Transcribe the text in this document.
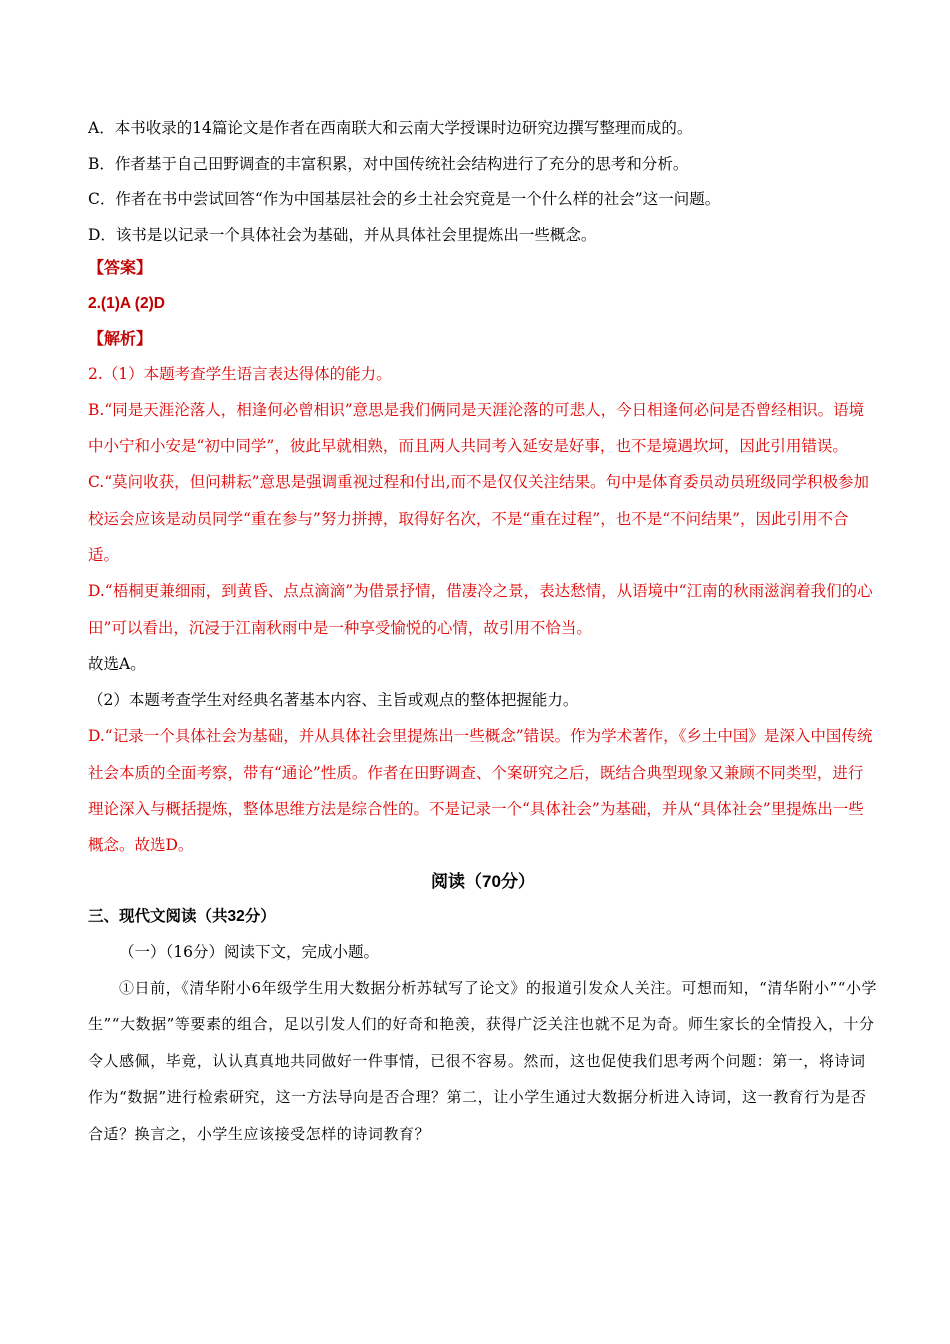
A．本书收录的14篇论文是作者在西南联大和云南大学授课时边研究边撰写整理而成的。
B．作者基于自己田野调查的丰富积累，对中国传统社会结构进行了充分的思考和分析。
C．作者在书中尝试回答“作为中国基层社会的乡土社会究竟是一个什么样的社会”这一问题。
D．该书是以记录一个具体社会为基础，并从具体社会里提炼出一些概念。
【答案】
2.(1)A (2)D
【解析】
2.（1）本题考查学生语言表达得体的能力。
B.“同是天涯沦落人，相逢何必曾相识”意思是我们俩同是天涯沦落的可悲人，今日相逢何必问是否曾经相识。语境中小宁和小安是“初中同学”，彼此早就相熟，而且两人共同考入延安是好事，也不是境遇坎坷，因此引用错误。
C.“莫问收获，但问耕耘”意思是强调重视过程和付出,而不是仅仅关注结果。句中是体育委员动员班级同学积极参加校运会应该是动员同学“重在参与”努力拼搏，取得好名次，不是“重在过程”，也不是“不问结果”，因此引用不合适。
D.“梧桐更兼细雨，到黄昏、点点滴滴”为借景抒情，借凄冷之景，表达愁情，从语境中“江南的秋雨滋润着我们的心田”可以看出，沉浸于江南秋雨中是一种享受愉悦的心情，故引用不恰当。
故选A。
（2）本题考查学生对经典名著基本内容、主旨或观点的整体把握能力。
D.“记录一个具体社会为基础，并从具体社会里提炼出一些概念”错误。作为学术著作，《乡土中国》是深入中国传统社会本质的全面考察，带有“通论”性质。作者在田野调查、个案研究之后，既结合典型现象又兼顾不同类型，进行理论深入与概括提炼，整体思维方法是综合性的。不是记录一个“具体社会”为基础，并从“具体社会”里提炼出一些概念。故选D。
阅读（70分）
三、现代文阅读（共32分）
（一）（16分）阅读下文，完成小题。
①日前，《清华附小6年级学生用大数据分析苏轼写了论文》的报道引发众人关注。可想而知，“清华附小”“小学生”“大数据”等要素的组合，足以引发人们的好奇和艳羡，获得广泛关注也就不足为奇。师生家长的全情投入，十分令人感佩，毕竟，认认真真地共同做好一件事情，已很不容易。然而，这也促使我们思考两个问题：第一，将诗词作为“数据”进行检索研究，这一方法导向是否合理？第二，让小学生通过大数据分析进入诗词，这一教育行为是否合适？换言之，小学生应该接受怎样的诗词教育？
